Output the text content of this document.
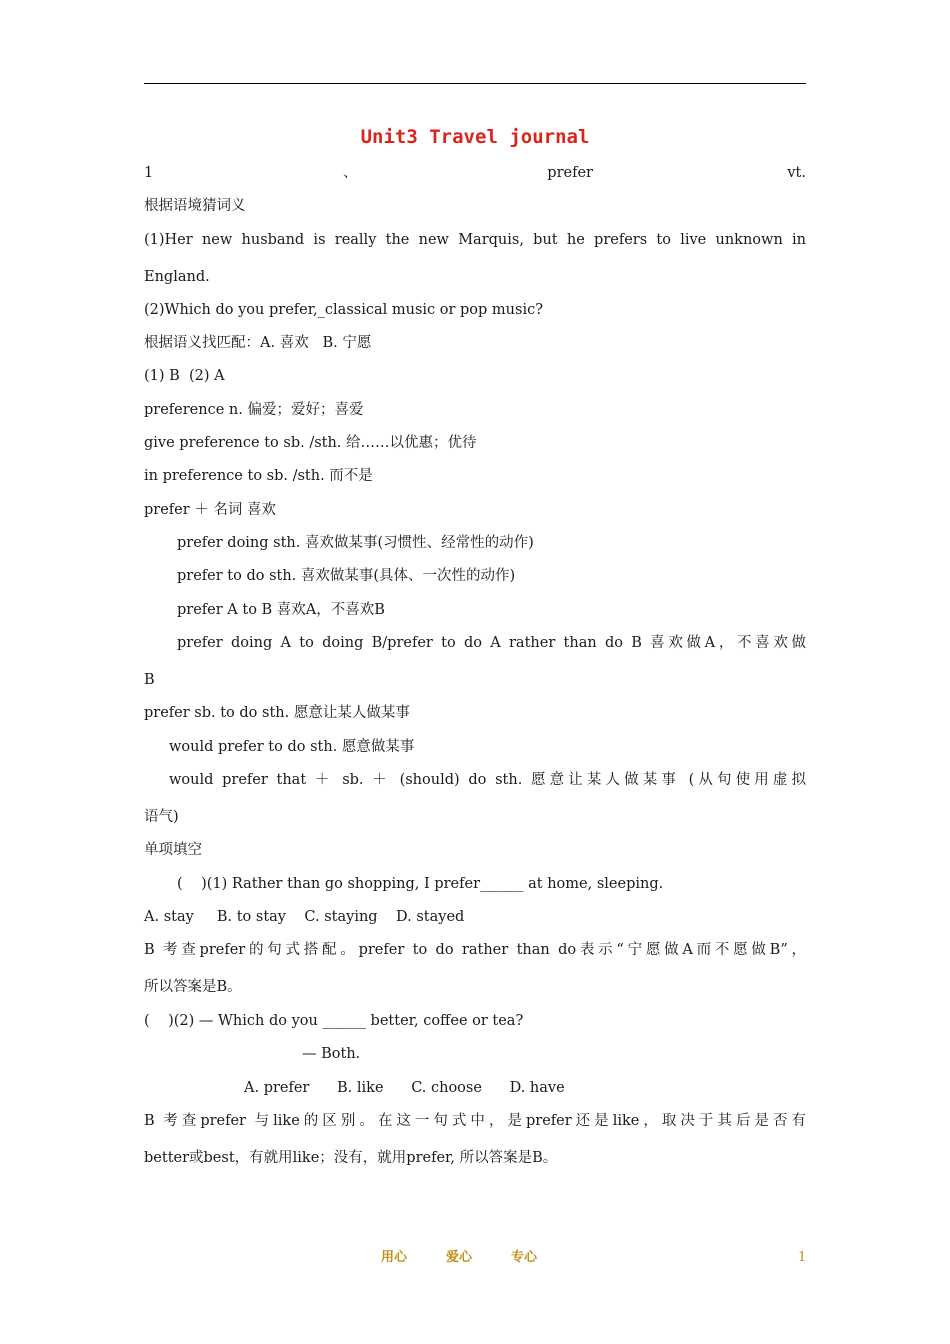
Unit3 Travel journal
1、prefer vt.
根据语境猜词义
(1)Her new husband is really the new Marquis, but he prefers to live unknown in
England.
(2)Which do you prefer,_classical music or pop music?
根据语义找匹配：A. 喜欢   B. 宁愿
(1) B  (2) A
preference n. 偏爱；爱好；喜爱
give preference to sb. /sth. 给……以优惠；优待
in preference to sb. /sth. 而不是
prefer ＋ 名词 喜欢
prefer doing sth. 喜欢做某事(习惯性、经常性的动作)
prefer to do sth. 喜欢做某事(具体、一次性的动作)
prefer A to B 喜欢A，不喜欢B
prefer doing A to doing B/prefer to do A rather than do B 喜欢做A，不喜欢做
B
prefer sb. to do sth. 愿意让某人做某事
would prefer to do sth. 愿意做某事
would prefer that ＋ sb. ＋ (should) do sth. 愿意让某人做某事 (从句使用虚拟
语气)
单项填空
(    )(1) Rather than go shopping, I prefer______ at home, sleeping.
A. stay     B. to stay    C. staying    D. stayed
B 考查prefer的句式搭配。prefer to do rather than do表示“宁愿做A而不愿做B”，
所以答案是B。
(    )(2) — Which do you ______ better, coffee or tea?
— Both.
A. prefer      B. like      C. choose      D. have
B 考查prefer 与like的区别。在这一句式中，是prefer还是like，取决于其后是否有
better或best，有就用like；没有，就用prefer, 所以答案是B。
用心	爱心	专心	1
